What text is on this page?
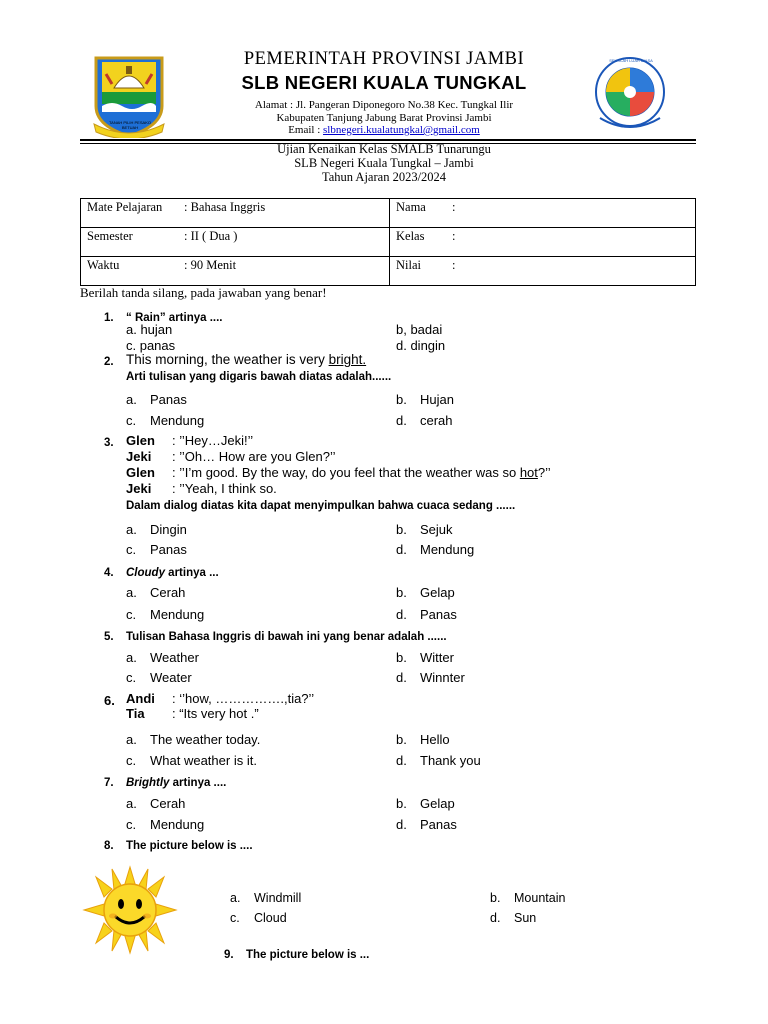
TANAH PILIH PESAKO BETUAH
PEMERINTAH PROVINSI JAMBI
SLB NEGERI KUALA TUNGKAL
Alamat : Jl. Pangeran Diponegoro No.38 Kec. Tungkal Ilir
Kabupaten Tanjung Jabung Barat Provinsi Jambi
Email : slbnegeri.kualatungkal@gmail.com
SEKOLAH LUAR BIASA
Ujian Kenaikan Kelas SMALB Tunarungu
SLB Negeri Kuala Tungkal – Jambi
Tahun Ajaran 2023/2024
Mate Pelajaran : Bahasa Inggris	Nama :
Semester : II ( Dua )	Kelas :
Waktu : 90 Menit	Nilai :
Berilah tanda silang, pada jawaban yang benar!
1. “ Rain” artinya ....
a. hujan	b, badai
c. panas	d. dingin
2. This morning, the weather is very bright.
Arti tulisan yang digaris bawah diatas adalah......
a. Panas	b. Hujan
c. Mendung	d. cerah
3. Glen : ’’Hey…Jeki!’’
Jeki : ’’Oh… How are you Glen?’’
Glen : ’’I’m good. By the way, do you feel that the weather was so hot?’’
Jeki : ’’Yeah, I think so.
Dalam dialog diatas kita dapat menyimpulkan bahwa cuaca sedang ......
a. Dingin	b. Sejuk
c. Panas	d. Mendung
4. Cloudy artinya ...
a. Cerah	b. Gelap
c. Mendung	d. Panas
5. Tulisan Bahasa Inggris di bawah ini yang benar adalah ......
a. Weather	b. Witter
c. Weater	d. Winnter
6. Andi : ‘’how, …………….,tia?’’
Tia : “Its very hot .”
a. The weather today.	b. Hello
c. What weather is it.	d. Thank you
7. Brightly artinya ....
a. Cerah	b. Gelap
c. Mendung	d. Panas
8. The picture below is ....
a. Windmill	b. Mountain
c. Cloud	d. Sun
9. The picture below is ...
